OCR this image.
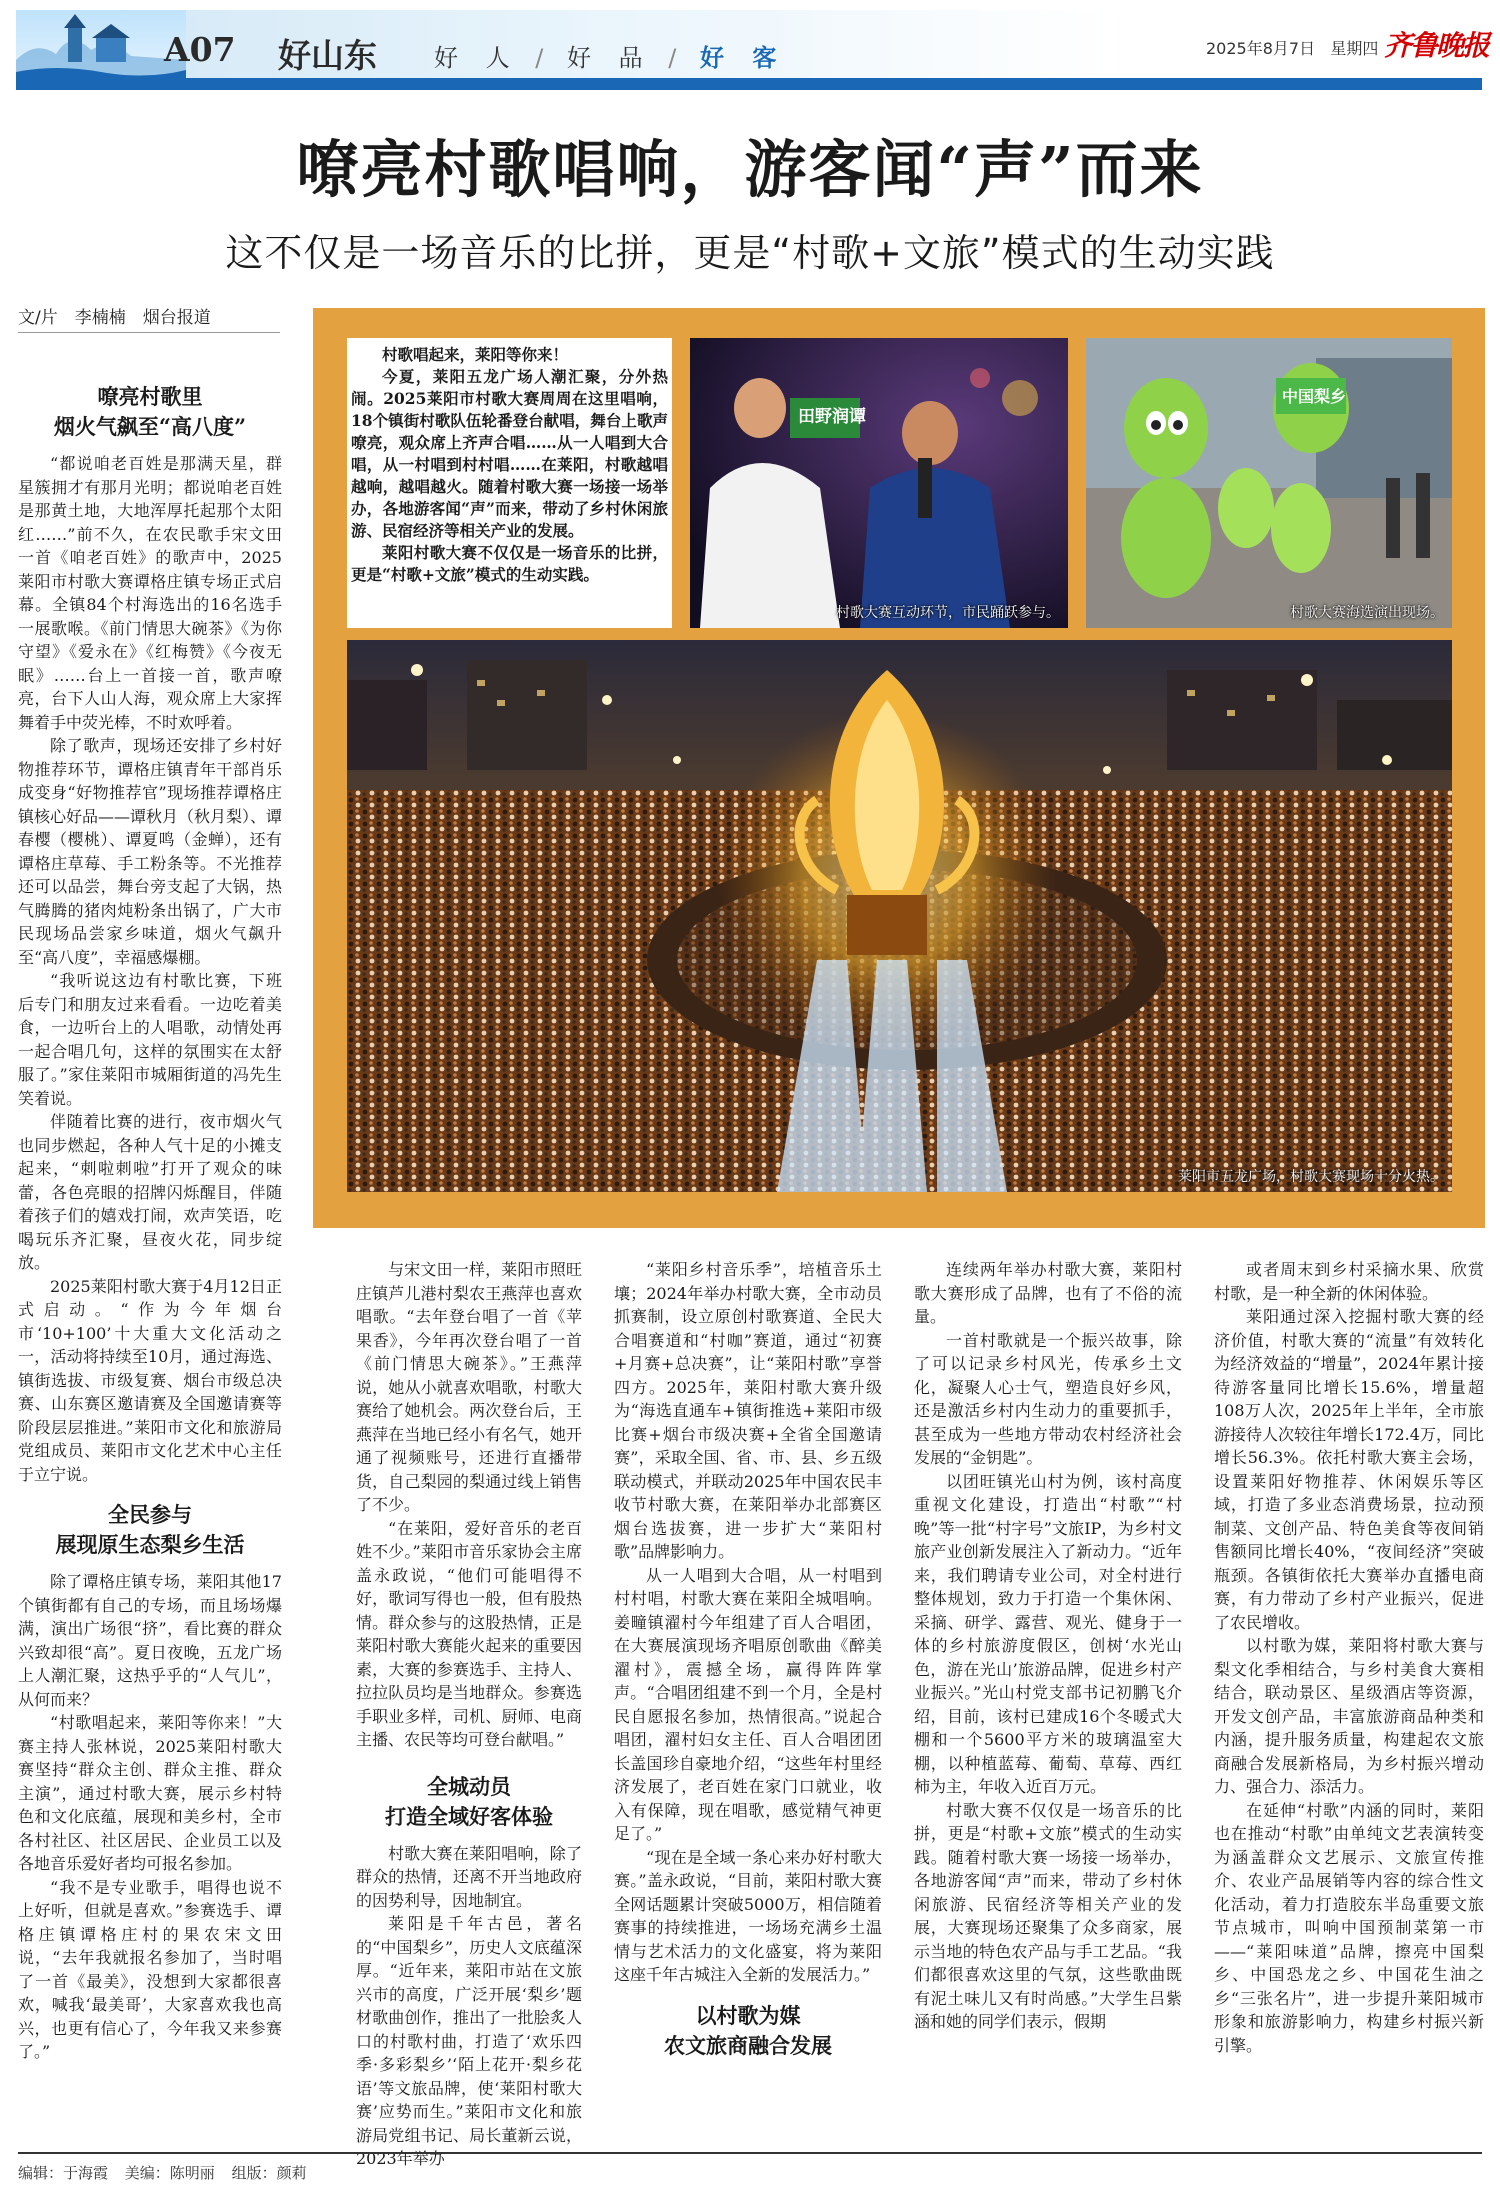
A07 好山东 好 人 / 好 品 / 好 客	2025年8月7日 星期四 齐鲁晚报
嘹亮村歌唱响，游客闻“声”而来
这不仅是一场音乐的比拼，更是“村歌+文旅”模式的生动实践
文/片　李楠楠　烟台报道
嘹亮村歌里
烟火气飙至“高八度”

“都说咱老百姓是那满天星，群星簇拥才有那月光明；都说咱老百姓是那黄土地，大地浑厚托起那个太阳红……”前不久，在农民歌手宋文田一首《咱老百姓》的歌声中，2025莱阳市村歌大赛谭格庄镇专场正式启幕。全镇84个村海选出的16名选手一展歌喉。《前门情思大碗茶》《为你守望》《爱永在》《红梅赞》《今夜无眠》……台上一首接一首，歌声嘹亮，台下人山人海，观众席上大家挥舞着手中荧光棒，不时欢呼着。

除了歌声，现场还安排了乡村好物推荐环节，谭格庄镇青年干部肖乐成变身“好物推荐官”现场推荐谭格庄镇核心好品——谭秋月（秋月梨）、谭春樱（樱桃）、谭夏鸣（金蝉），还有谭格庄草莓、手工粉条等。不光推荐还可以品尝，舞台旁支起了大锅，热气腾腾的猪肉炖粉条出锅了，广大市民现场品尝家乡味道，烟火气飙升至“高八度”，幸福感爆棚。

“我听说这边有村歌比赛，下班后专门和朋友过来看看。一边吃着美食，一边听台上的人唱歌，动情处再一起合唱几句，这样的氛围实在太舒服了。”家住莱阳市城厢街道的冯先生笑着说。

伴随着比赛的进行，夜市烟火气也同步燃起，各种人气十足的小摊支起来，“刺啦刺啦”打开了观众的味蕾，各色亮眼的招牌闪烁醒目，伴随着孩子们的嬉戏打闹，欢声笑语，吃喝玩乐齐汇聚，昼夜火花，同步绽放。

2025莱阳村歌大赛于4月12日正式启动。“作为今年烟台市‘10+100’十大重大文化活动之一，活动将持续至10月，通过海选、镇街选拔、市级复赛、烟台市级总决赛、山东赛区邀请赛及全国邀请赛等阶段层层推进。”莱阳市文化和旅游局党组成员、莱阳市文化艺术中心主任于立宁说。

全民参与
展现原生态梨乡生活

除了谭格庄镇专场，莱阳其他17个镇街都有自己的专场，而且场场爆满，演出广场很“挤”，看比赛的群众兴致却很“高”。夏日夜晚，五龙广场上人潮汇聚，这热乎乎的“人气儿”，从何而来？

“村歌唱起来，莱阳等你来！”大赛主持人张林说，2025莱阳村歌大赛坚持“群众主创、群众主推、群众主演”，通过村歌大赛，展示乡村特色和文化底蕴，展现和美乡村，全市各村社区、社区居民、企业员工以及各地音乐爱好者均可报名参加。

“我不是专业歌手，唱得也说不上好听，但就是喜欢。”参赛选手、谭格庄镇谭格庄村的果农宋文田说，“去年我就报名参加了，当时唱了一首《最美》，没想到大家都很喜欢，喊我‘最美哥’，大家喜欢我也高兴，也更有信心了，今年我又来参赛了。”

村歌唱起来，莱阳等你来！

今夏，莱阳五龙广场人潮汇聚，分外热闹。2025莱阳市村歌大赛周周在这里唱响，18个镇街村歌队伍轮番登台献唱，舞台上歌声嘹亮，观众席上齐声合唱……从一人唱到大合唱，从一村唱到村村唱……在莱阳，村歌越唱越响，越唱越火。随着村歌大赛一场接一场举办，各地游客闻“声”而来，带动了乡村休闲旅游、民宿经济等相关产业的发展。

莱阳村歌大赛不仅仅是一场音乐的比拼，更是“村歌+文旅”模式的生动实践。

田野润谭
村歌大赛互动环节，市民踊跃参与。
中国梨乡
村歌大赛海选演出现场。
莱阳市五龙广场，村歌大赛现场十分火热。

与宋文田一样，莱阳市照旺庄镇芦儿港村梨农王燕萍也喜欢唱歌。“去年登台唱了一首《苹果香》，今年再次登台唱了一首《前门情思大碗茶》。”王燕萍说，她从小就喜欢唱歌，村歌大赛给了她机会。两次登台后，王燕萍在当地已经小有名气，她开通了视频账号，还进行直播带货，自己梨园的梨通过线上销售了不少。

“在莱阳，爱好音乐的老百姓不少。”莱阳市音乐家协会主席盖永政说，“他们可能唱得不好，歌词写得也一般，但有股热情。群众参与的这股热情，正是莱阳村歌大赛能火起来的重要因素，大赛的参赛选手、主持人、拉拉队员均是当地群众。参赛选手职业多样，司机、厨师、电商主播、农民等均可登台献唱。”

全城动员
打造全域好客体验

村歌大赛在莱阳唱响，除了群众的热情，还离不开当地政府的因势利导，因地制宜。

莱阳是千年古邑，著名的“中国梨乡”，历史人文底蕴深厚。“近年来，莱阳市站在文旅兴市的高度，广泛开展‘梨乡’题材歌曲创作，推出了一批脍炙人口的村歌村曲，打造了‘欢乐四季·多彩梨乡’‘陌上花开·梨乡花语’等文旅品牌，使‘莱阳村歌大赛’应势而生。”莱阳市文化和旅游局党组书记、局长董新云说，2023年举办

“莱阳乡村音乐季”，培植音乐土壤；2024年举办村歌大赛，全市动员抓赛制，设立原创村歌赛道、全民大合唱赛道和“村咖”赛道，通过“初赛+月赛+总决赛”，让“莱阳村歌”享誉四方。2025年，莱阳村歌大赛升级为“海选直通车+镇街推选+莱阳市级比赛+烟台市级决赛+全省全国邀请赛”，采取全国、省、市、县、乡五级联动模式，并联动2025年中国农民丰收节村歌大赛，在莱阳举办北部赛区烟台选拔赛，进一步扩大“莱阳村歌”品牌影响力。

从一人唱到大合唱，从一村唱到村村唱，村歌大赛在莱阳全城唱响。姜疃镇濯村今年组建了百人合唱团，在大赛展演现场齐唱原创歌曲《醉美濯村》，震撼全场，赢得阵阵掌声。“合唱团组建不到一个月，全是村民自愿报名参加，热情很高。”说起合唱团，濯村妇女主任、百人合唱团团长盖国珍自豪地介绍，“这些年村里经济发展了，老百姓在家门口就业，收入有保障，现在唱歌，感觉精气神更足了。”

“现在是全域一条心来办好村歌大赛。”盖永政说，“目前，莱阳村歌大赛全网话题累计突破5000万，相信随着赛事的持续推进，一场场充满乡土温情与艺术活力的文化盛宴，将为莱阳这座千年古城注入全新的发展活力。”

以村歌为媒
农文旅商融合发展

连续两年举办村歌大赛，莱阳村歌大赛形成了品牌，也有了不俗的流量。

一首村歌就是一个振兴故事，除了可以记录乡村风光，传承乡土文化，凝聚人心士气，塑造良好乡风，还是激活乡村内生动力的重要抓手，甚至成为一些地方带动农村经济社会发展的“金钥匙”。

以团旺镇光山村为例，该村高度重视文化建设，打造出“村歌”“村晚”等一批“村字号”文旅IP，为乡村文旅产业创新发展注入了新动力。“近年来，我们聘请专业公司，对全村进行整体规划，致力于打造一个集休闲、采摘、研学、露营、观光、健身于一体的乡村旅游度假区，创树‘水光山色，游在光山’旅游品牌，促进乡村产业振兴。”光山村党支部书记初鹏飞介绍，目前，该村已建成16个冬暖式大棚和一个5600平方米的玻璃温室大棚，以种植蓝莓、葡萄、草莓、西红柿为主，年收入近百万元。

村歌大赛不仅仅是一场音乐的比拼，更是“村歌+文旅”模式的生动实践。随着村歌大赛一场接一场举办，各地游客闻“声”而来，带动了乡村休闲旅游、民宿经济等相关产业的发展，大赛现场还聚集了众多商家，展示当地的特色农产品与手工艺品。“我们都很喜欢这里的气氛，这些歌曲既有泥土味儿又有时尚感。”大学生吕紫涵和她的同学们表示，假期

或者周末到乡村采摘水果、欣赏村歌，是一种全新的休闲体验。

莱阳通过深入挖掘村歌大赛的经济价值，村歌大赛的“流量”有效转化为经济效益的“增量”，2024年累计接待游客量同比增长15.6%，增量超108万人次，2025年上半年，全市旅游接待人次较往年增长172.4万，同比增长56.3%。依托村歌大赛主会场，设置莱阳好物推荐、休闲娱乐等区域，打造了多业态消费场景，拉动预制菜、文创产品、特色美食等夜间销售额同比增长40%，“夜间经济”突破瓶颈。各镇街依托大赛举办直播电商赛，有力带动了乡村产业振兴，促进了农民增收。

以村歌为媒，莱阳将村歌大赛与梨文化季相结合，与乡村美食大赛相结合，联动景区、星级酒店等资源，开发文创产品，丰富旅游商品种类和内涵，提升服务质量，构建起农文旅商融合发展新格局，为乡村振兴增动力、强合力、添活力。

在延伸“村歌”内涵的同时，莱阳也在推动“村歌”由单纯文艺表演转变为涵盖群众文艺展示、文旅宣传推介、农业产品展销等内容的综合性文化活动，着力打造胶东半岛重要文旅节点城市，叫响中国预制菜第一市——“莱阳味道”品牌，擦亮中国梨乡、中国恐龙之乡、中国花生油之乡“三张名片”，进一步提升莱阳城市形象和旅游影响力，构建乡村振兴新引擎。

编辑：于海霞 美编：陈明丽 组版：颜莉
